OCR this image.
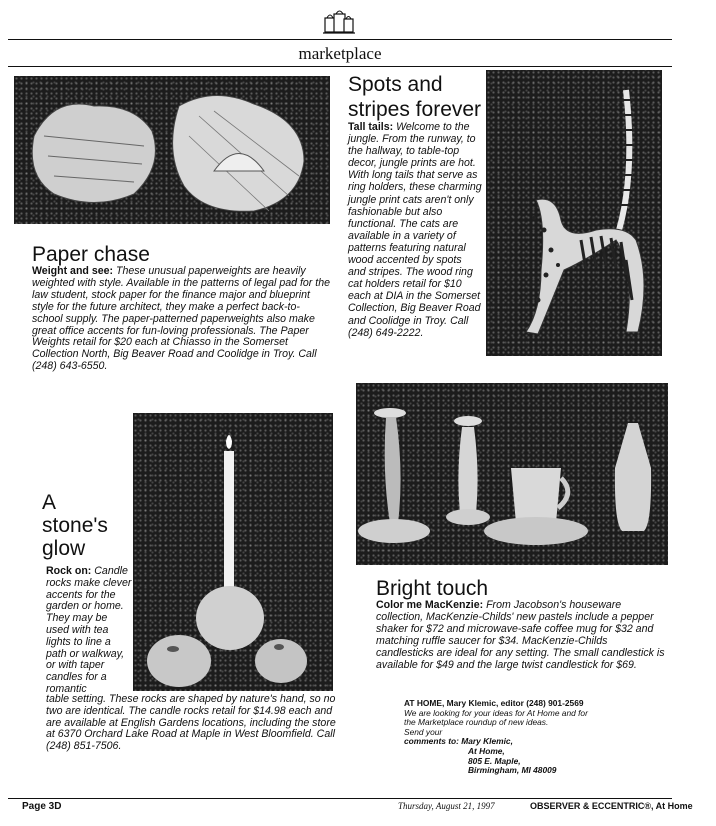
marketplace
Paper chase
Weight and see: These unusual paperweights are heavily weighted with style. Available in the patterns of legal pad for the law student, stock paper for the finance major and blueprint style for the future architect, they make a perfect back-to-school supply. The paper-patterned paperweights also make great office accents for fun-loving professionals. The Paper Weights retail for $20 each at Chiasso in the Somerset Collection North, Big Beaver Road and Coolidge in Troy. Call (248) 643-6550.
Spots and
stripes forever
Tall tails: Welcome to the jungle. From the runway, to the hallway, to table-top decor, jungle prints are hot. With long tails that serve as ring holders, these charming jungle print cats aren't only fashionable but also functional. The cats are available in a variety of patterns featuring natural wood accented by spots and stripes. The wood ring cat holders retail for $10 each at DIA in the Somerset Collection, Big Beaver Road and Coolidge in Troy. Call (248) 649-2222.
A
stone's
glow
Rock on: Candle rocks make clever accents for the garden or home. They may be used with tea lights to line a path or walkway, or with taper candles for a romantic
table setting. These rocks are shaped by nature's hand, so no two are identical. The candle rocks retail for $14.98 each and are available at English Gardens locations, including the store at 6370 Orchard Lake Road at Maple in West Bloomfield. Call (248) 851-7506.
Bright touch
Color me MacKenzie: From Jacobson's houseware collection, MacKenzie-Childs' new pastels include a pepper shaker for $72 and microwave-safe coffee mug for $32 and matching ruffle saucer for $34. MacKenzie-Childs candlesticks are ideal for any setting. The small candlestick is available for $49 and the large twist candlestick for $69.
AT HOME, Mary Klemic, editor (248) 901-2569
We are looking for your ideas for At Home and for
the Marketplace roundup of new ideas.
Send your
comments to: Mary Klemic,
At Home,
805 E. Maple,
Birmingham, MI 48009
Page 3D	Thursday, August 21, 1997	OBSERVER & ECCENTRIC®, At Home
